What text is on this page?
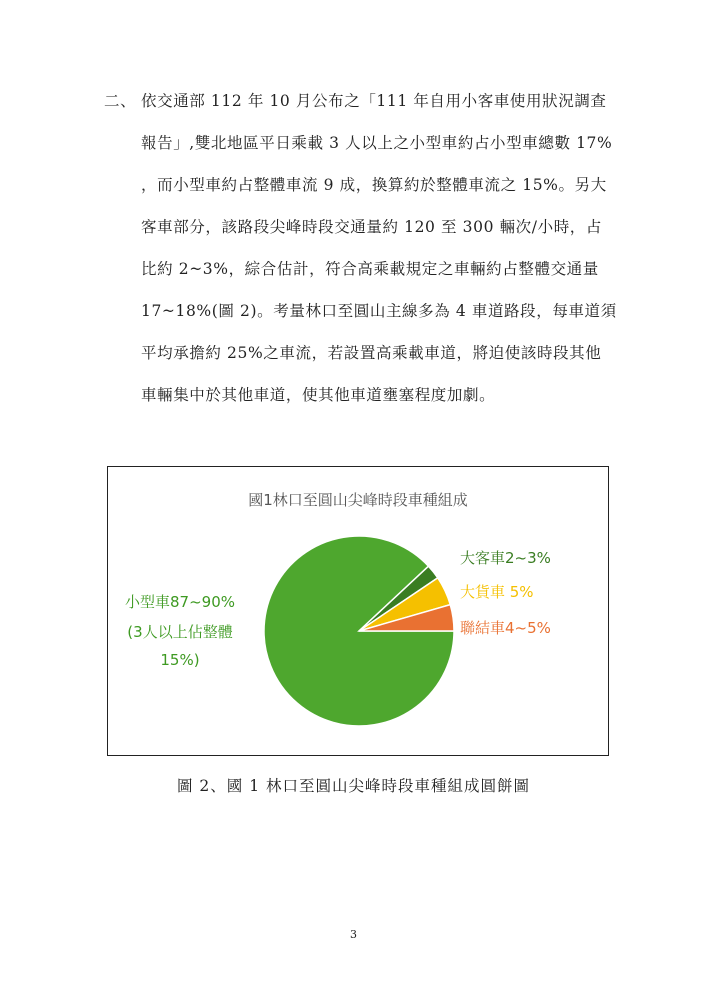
二、 依交通部 112 年 10 月公布之「111 年自用小客車使用狀況調查
報告」,雙北地區平日乘載 3 人以上之小型車約占小型車總數 17%
，而小型車約占整體車流 9 成，換算約於整體車流之 15%。另大
客車部分，該路段尖峰時段交通量約 120 至 300 輛次/小時，占
比約 2~3%，綜合估計，符合高乘載規定之車輛約占整體交通量
17~18%(圖 2)。考量林口至圓山主線多為 4 車道路段，每車道須
平均承擔約 25%之車流，若設置高乘載車道，將迫使該時段其他
車輛集中於其他車道，使其他車道壅塞程度加劇。
國1林口至圓山尖峰時段車種組成
小型車87~90%
(3人以上佔整體
15%)
大客車2~3%
大貨車 5%
聯結車4~5%
圖 2、國 1 林口至圓山尖峰時段車種組成圓餅圖
3
